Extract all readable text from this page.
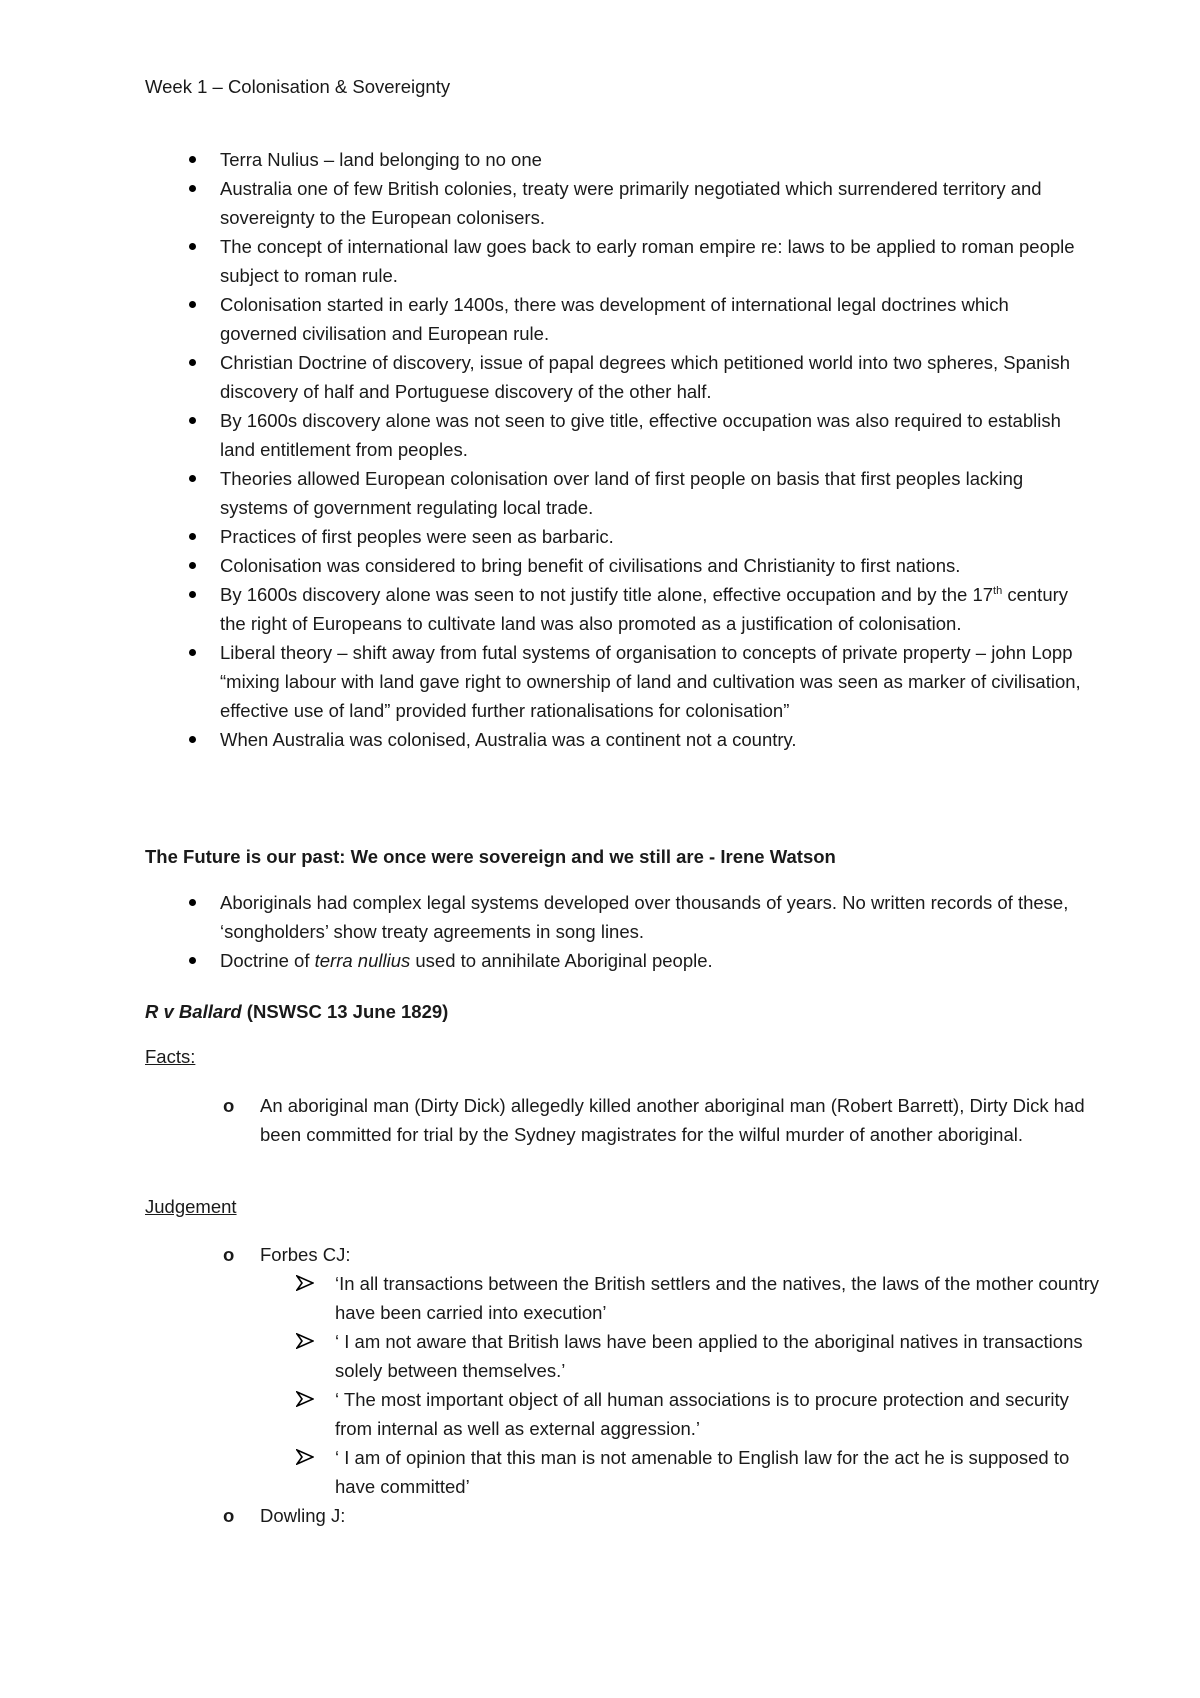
Week 1 – Colonisation & Sovereignty
Terra Nulius – land belonging to no one
Australia one of few British colonies, treaty were primarily negotiated which surrendered territory and sovereignty to the European colonisers.
The concept of international law goes back to early roman empire re: laws to be applied to roman people subject to roman rule.
Colonisation started in early 1400s, there was development of international legal doctrines which governed civilisation and European rule.
Christian Doctrine of discovery, issue of papal degrees which petitioned world into two spheres, Spanish discovery of half and Portuguese discovery of the other half.
By 1600s discovery alone was not seen to give title, effective occupation was also required to establish land entitlement from peoples.
Theories allowed European colonisation over land of first people on basis that first peoples lacking systems of government regulating local trade.
Practices of first peoples were seen as barbaric.
Colonisation was considered to bring benefit of civilisations and Christianity to first nations.
By 1600s discovery alone was seen to not justify title alone, effective occupation and by the 17th century the right of Europeans to cultivate land was also promoted as a justification of colonisation.
Liberal theory – shift away from futal systems of organisation to concepts of private property – john Lopp “mixing labour with land gave right to ownership of land and cultivation was seen as marker of civilisation, effective use of land” provided further rationalisations for colonisation”
When Australia was colonised, Australia was a continent not a country.
The Future is our past: We once were sovereign and we still are - Irene Watson
Aboriginals had complex legal systems developed over thousands of years. No written records of these, ‘songholders’ show treaty agreements in song lines.
Doctrine of terra nullius used to annihilate Aboriginal people.
R v Ballard (NSWSC 13 June 1829)
Facts:
o An aboriginal man (Dirty Dick) allegedly killed another aboriginal man (Robert Barrett), Dirty Dick had been committed for trial by the Sydney magistrates for the wilful murder of another aboriginal.
Judgement
o Forbes CJ:
‘In all transactions between the British settlers and the natives, the laws of the mother country have been carried into execution’
‘ I am not aware that British laws have been applied to the aboriginal natives in transactions solely between themselves.’
‘ The most important object of all human associations is to procure protection and security from internal as well as external aggression.’
‘ I am of opinion that this man is not amenable to English law for the act he is supposed to have committed’
o Dowling J:
